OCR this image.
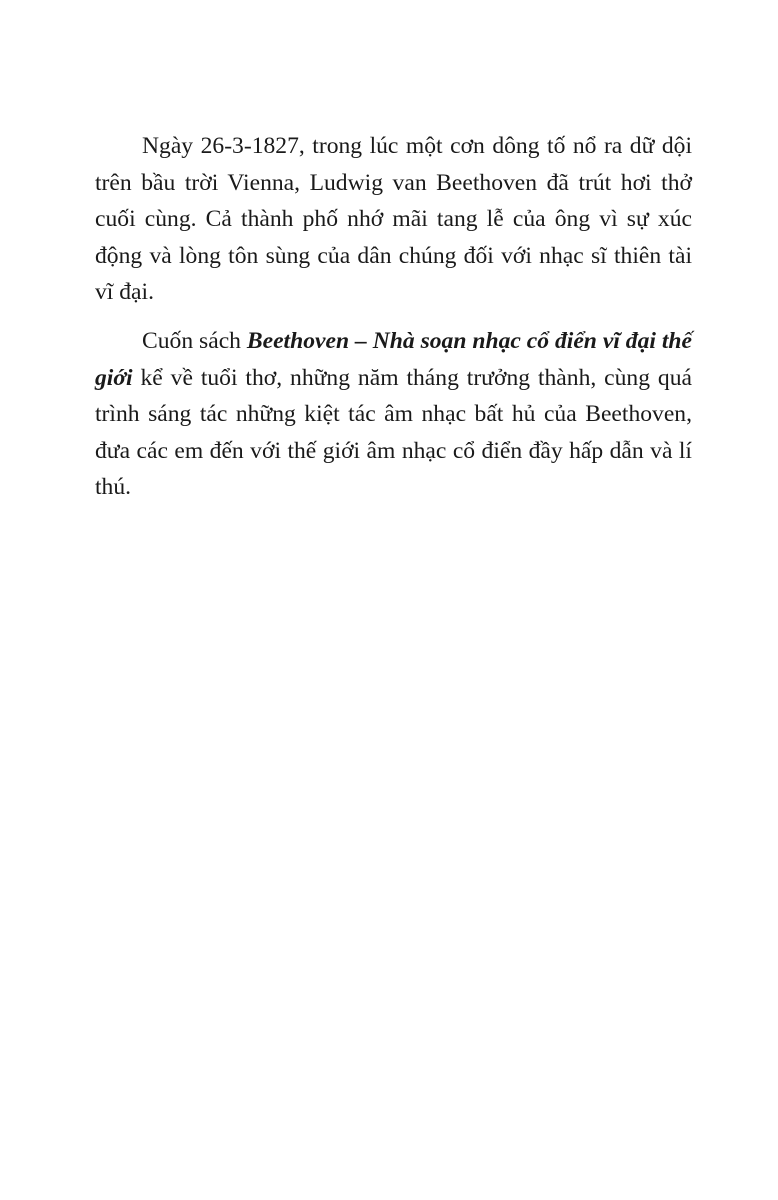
Ngày 26-3-1827, trong lúc một cơn dông tố nổ ra dữ dội trên bầu trời Vienna, Ludwig van Beethoven đã trút hơi thở cuối cùng. Cả thành phố nhớ mãi tang lễ của ông vì sự xúc động và lòng tôn sùng của dân chúng đối với nhạc sĩ thiên tài vĩ đại.

Cuốn sách Beethoven – Nhà soạn nhạc cổ điển vĩ đại thế giới kể về tuổi thơ, những năm tháng trưởng thành, cùng quá trình sáng tác những kiệt tác âm nhạc bất hủ của Beethoven, đưa các em đến với thế giới âm nhạc cổ điển đầy hấp dẫn và lí thú.
